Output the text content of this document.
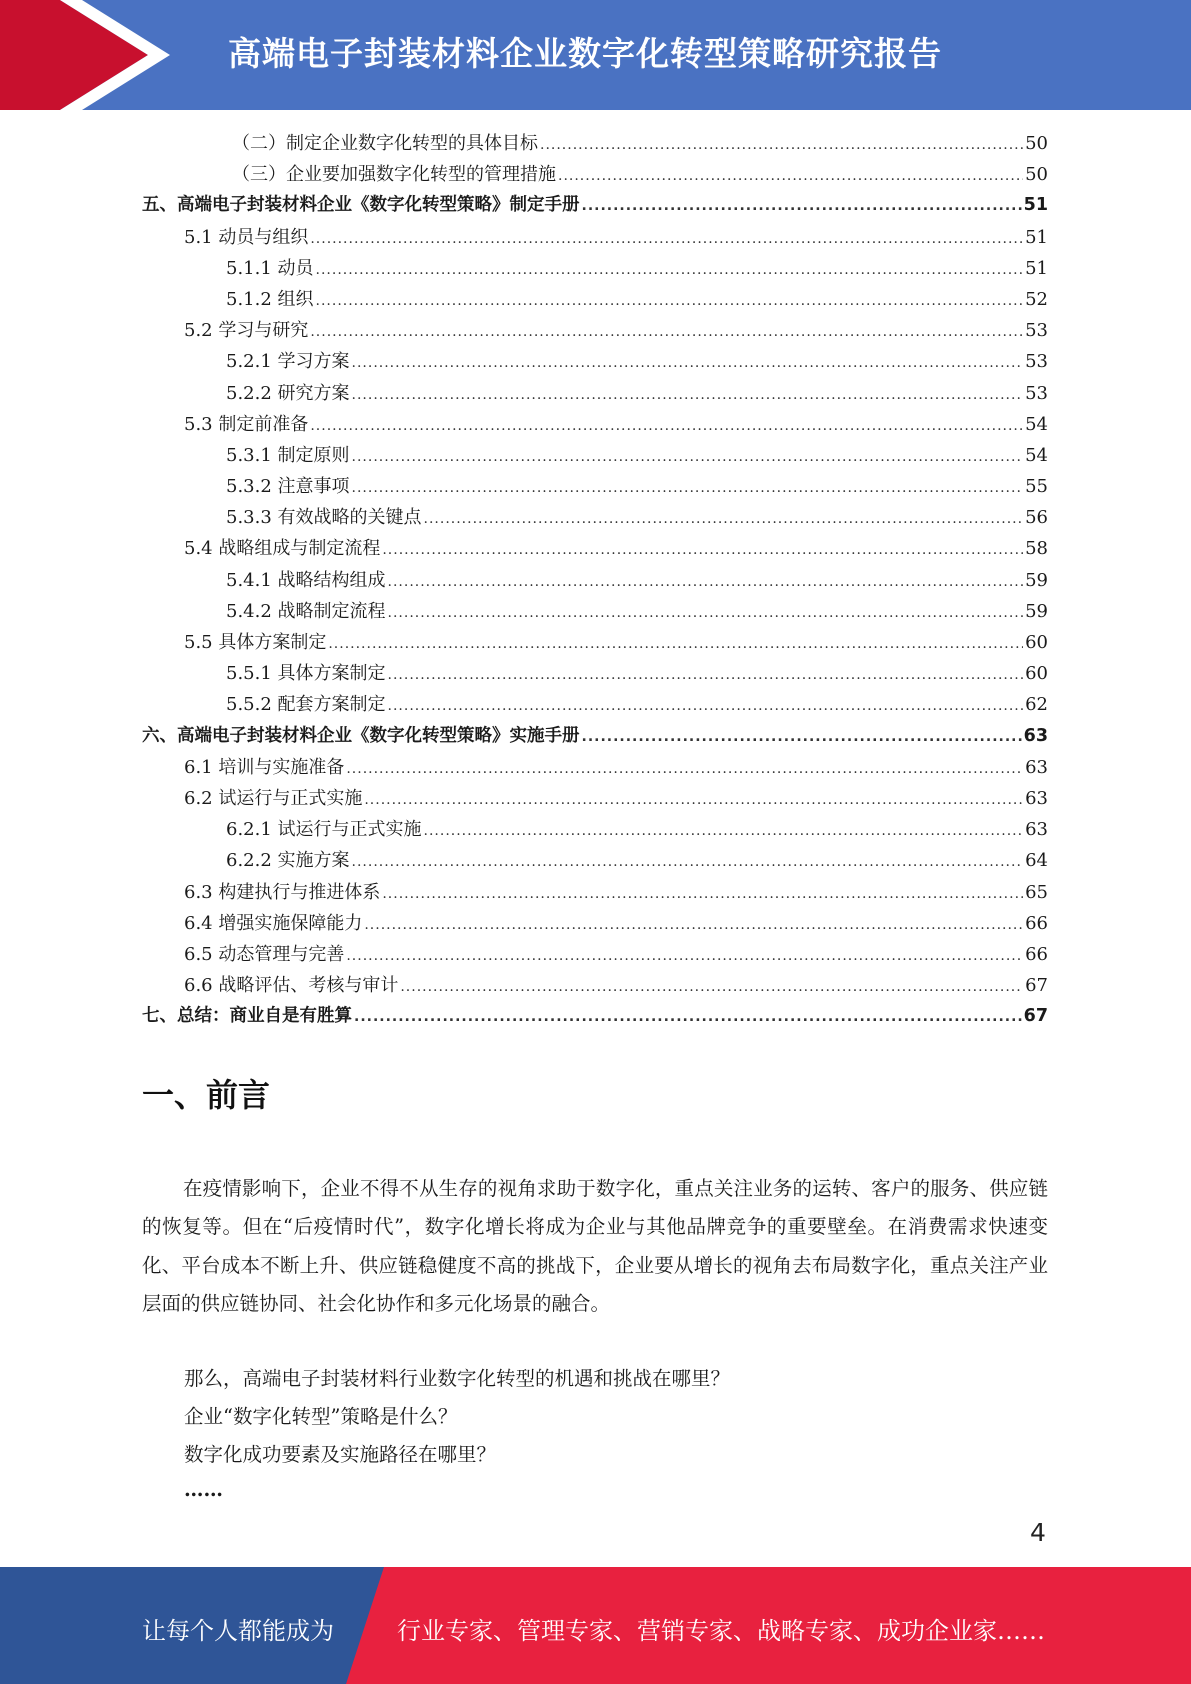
高端电子封装材料企业数字化转型策略研究报告
（二）制定企业数字化转型的具体目标 .....	50
（三）企业要加强数字化转型的管理措施 .....	50
五、高端电子封装材料企业《数字化转型策略》制定手册 .....	51
5.1 动员与组织 .....	51
5.1.1 动员 .....	51
5.1.2 组织 .....	52
5.2 学习与研究 .....	53
5.2.1 学习方案 .....	53
5.2.2 研究方案 .....	53
5.3 制定前准备 .....	54
5.3.1 制定原则 .....	54
5.3.2 注意事项 .....	55
5.3.3 有效战略的关键点 .....	56
5.4 战略组成与制定流程 .....	58
5.4.1 战略结构组成 .....	59
5.4.2 战略制定流程 .....	59
5.5 具体方案制定 .....	60
5.5.1 具体方案制定 .....	60
5.5.2 配套方案制定 .....	62
六、高端电子封装材料企业《数字化转型策略》实施手册 .....	63
6.1 培训与实施准备 .....	63
6.2 试运行与正式实施 .....	63
6.2.1 试运行与正式实施 .....	63
6.2.2 实施方案 .....	64
6.3 构建执行与推进体系 .....	65
6.4 增强实施保障能力 .....	66
6.5 动态管理与完善 .....	66
6.6 战略评估、考核与审计 .....	67
七、总结：商业自是有胜算 .....	67
一、前言

在疫情影响下，企业不得不从生存的视角求助于数字化，重点关注业务的运转、客户的服务、供应链的恢复等。但在“后疫情时代”，数字化增长将成为企业与其他品牌竞争的重要壁垒。在消费需求快速变化、平台成本不断上升、供应链稳健度不高的挑战下，企业要从增长的视角去布局数字化，重点关注产业层面的供应链协同、社会化协作和多元化场景的融合。

那么，高端电子封装材料行业数字化转型的机遇和挑战在哪里？
企业“数字化转型”策略是什么？
数字化成功要素及实施路径在哪里？
……
4
让每个人都能成为	行业专家、管理专家、营销专家、战略专家、成功企业家……
